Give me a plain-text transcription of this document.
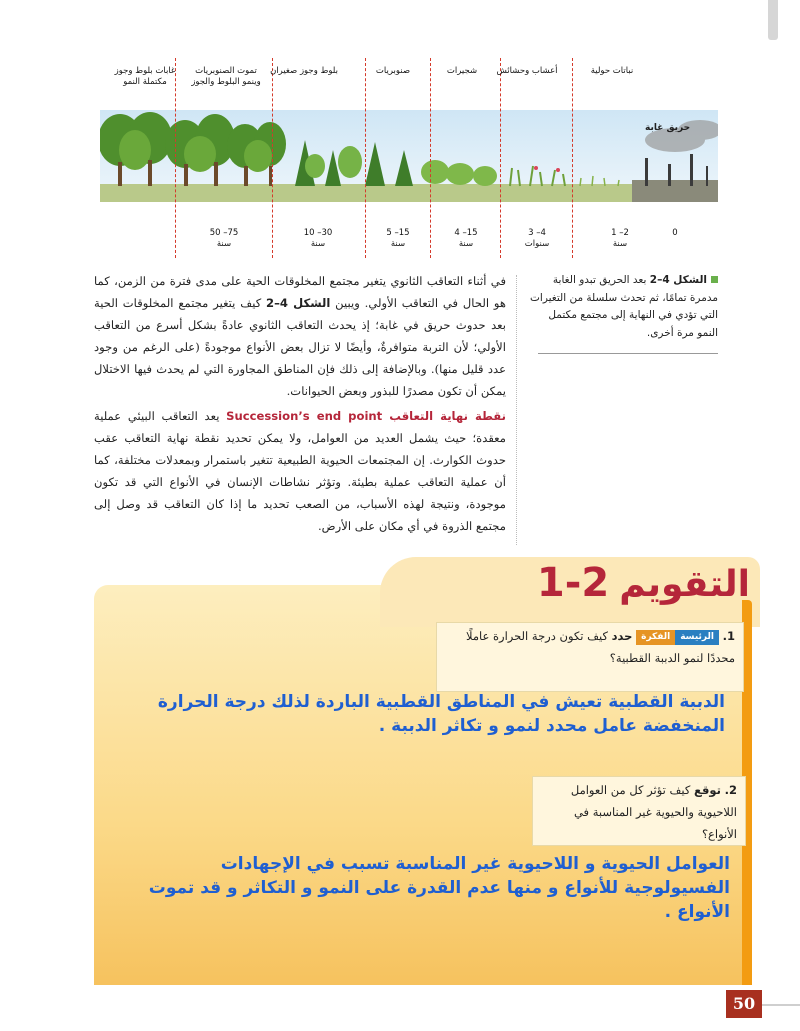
حريق غابة
غابات بلوط وجوز
مكتملة النمو
تموت الصنوبريات
وينمو البلوط والجوز
بلوط وجوز صغيران	صنوبريات	شجيرات	أعشاب وحشائش	نباتات حولية
75– 50
سنة
30– 10
سنة
15– 5
سنة
15– 4
سنة
4– 3
سنوات
2– 1
سنة
0
الشكل 4–2 بعد الحريق تبدو الغابة مدمرة تمامًا، ثم تحدث سلسلة من التغيرات التي تؤدي في النهاية إلى مجتمع مكتمل النمو مرة أخرى.
في أثناء التعاقب الثانوي يتغير مجتمع المخلوقات الحية على مدى فترة من الزمن، كما هو الحال في التعاقب الأولي. ويبين الشكل 4–2 كيف يتغير مجتمع المخلوقات الحية بعد حدوث حريق في غابة؛ إذ يحدث التعاقب الثانوي عادةً بشكل أسرع من التعاقب الأولي؛ لأن التربة متوافرةٌ، وأيضًا لا تزال بعض الأنواع موجودةً (على الرغم من وجود عدد قليل منها). وبالإضافة إلى ذلك فإن المناطق المجاورة التي لم يحدث فيها الاختلال يمكن أن تكون مصدرًا للبذور وبعض الحيوانات.
نقطة نهاية التعاقب Succession’s end point يعد التعاقب البيئي عملية معقدة؛ حيث يشمل العديد من العوامل، ولا يمكن تحديد نقطة نهاية التعاقب عقب حدوث الكوارث. إن المجتمعات الحيوية الطبيعية تتغير باستمرار وبمعدلات مختلفة، كما أن عملية التعاقب عملية بطيئة. وتؤثر نشاطات الإنسان في الأنواع التي قد تكون موجودة، ونتيجة لهذه الأسباب، من الصعب تحديد ما إذا كان التعاقب قد وصل إلى مجتمع الذروة في أي مكان على الأرض.
التقويم2-1
1. الرئيسةالفكرة حدد كيف تكون درجة الحرارة عاملًا محددًا لنمو الدببة القطبية؟
الدببة القطبية تعيش في المناطق القطبية الباردة لذلك درجة الحرارة المنخفضة عامل محدد لنمو و تكاثر الدببة .
2. توقع كيف تؤثر كل من العوامل اللاحيوية والحيوية غير المناسبة في الأنواع؟
العوامل الحيوية و اللاحيوية غير المناسبة تسبب في الإجهادات الفسيولوجية للأنواع و منها عدم القدرة على النمو و التكاثر و قد تموت الأنواع .
50
